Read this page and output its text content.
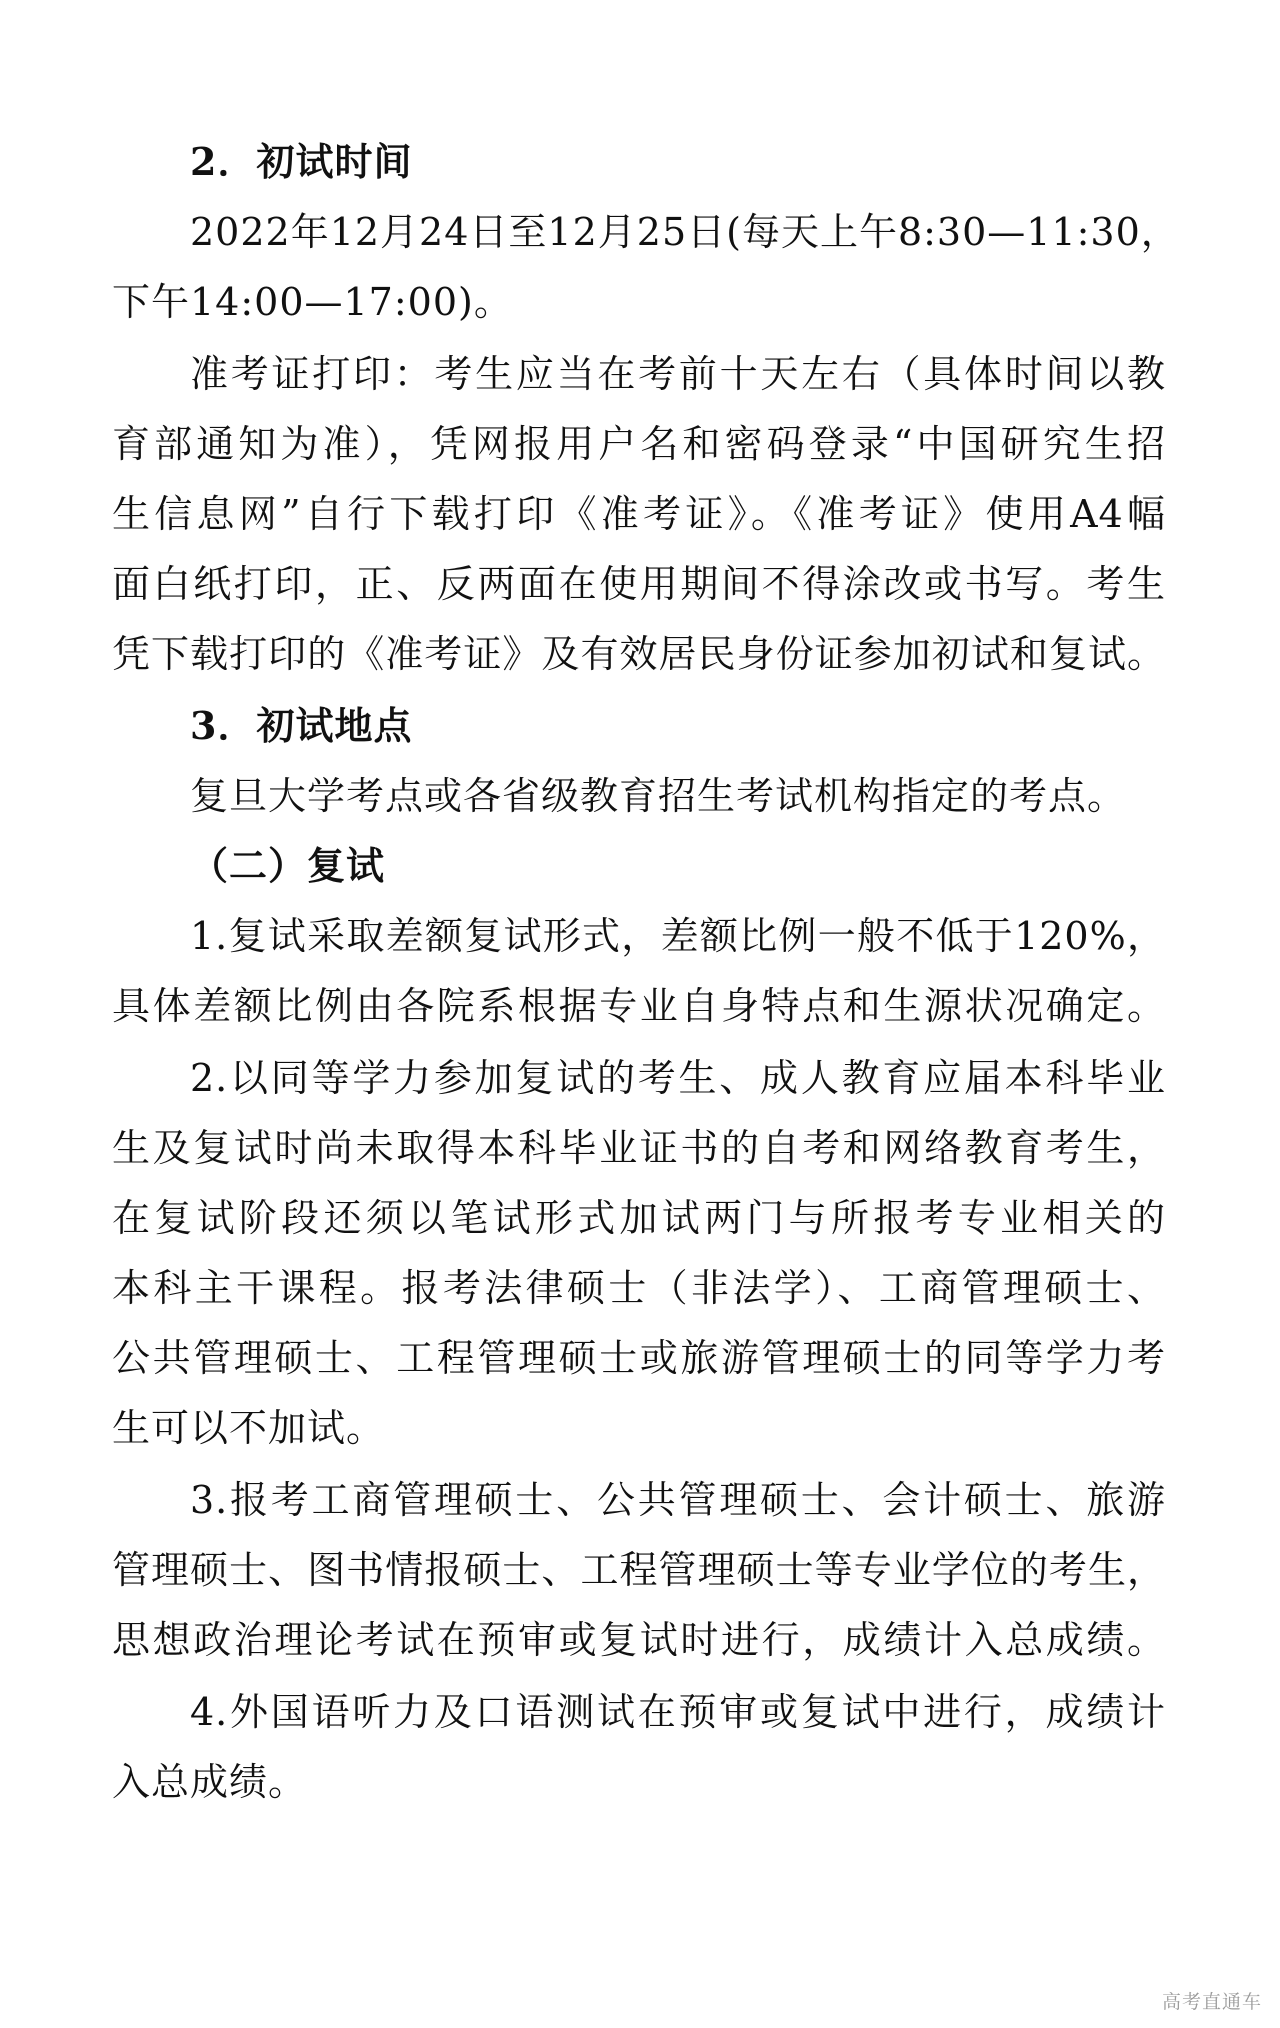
2．初试时间
2022年12月24日至12月25日(每天上午8:30—11:30，
下午14:00—17:00)。
准考证打印：考生应当在考前十天左右（具体时间以教
育部通知为准），凭网报用户名和密码登录“中国研究生招
生信息网”自行下载打印《准考证》。《准考证》使用A4幅
面白纸打印，正、反两面在使用期间不得涂改或书写。考生
凭下载打印的《准考证》及有效居民身份证参加初试和复试。
3．初试地点
复旦大学考点或各省级教育招生考试机构指定的考点。
（二）复试
1.复试采取差额复试形式，差额比例一般不低于120%，
具体差额比例由各院系根据专业自身特点和生源状况确定。
2.以同等学力参加复试的考生、成人教育应届本科毕业
生及复试时尚未取得本科毕业证书的自考和网络教育考生，
在复试阶段还须以笔试形式加试两门与所报考专业相关的
本科主干课程。报考法律硕士（非法学）、工商管理硕士、
公共管理硕士、工程管理硕士或旅游管理硕士的同等学力考
生可以不加试。
3.报考工商管理硕士、公共管理硕士、会计硕士、旅游
管理硕士、图书情报硕士、工程管理硕士等专业学位的考生，
思想政治理论考试在预审或复试时进行，成绩计入总成绩。
4.外国语听力及口语测试在预审或复试中进行，成绩计
入总成绩。
高考直通车
